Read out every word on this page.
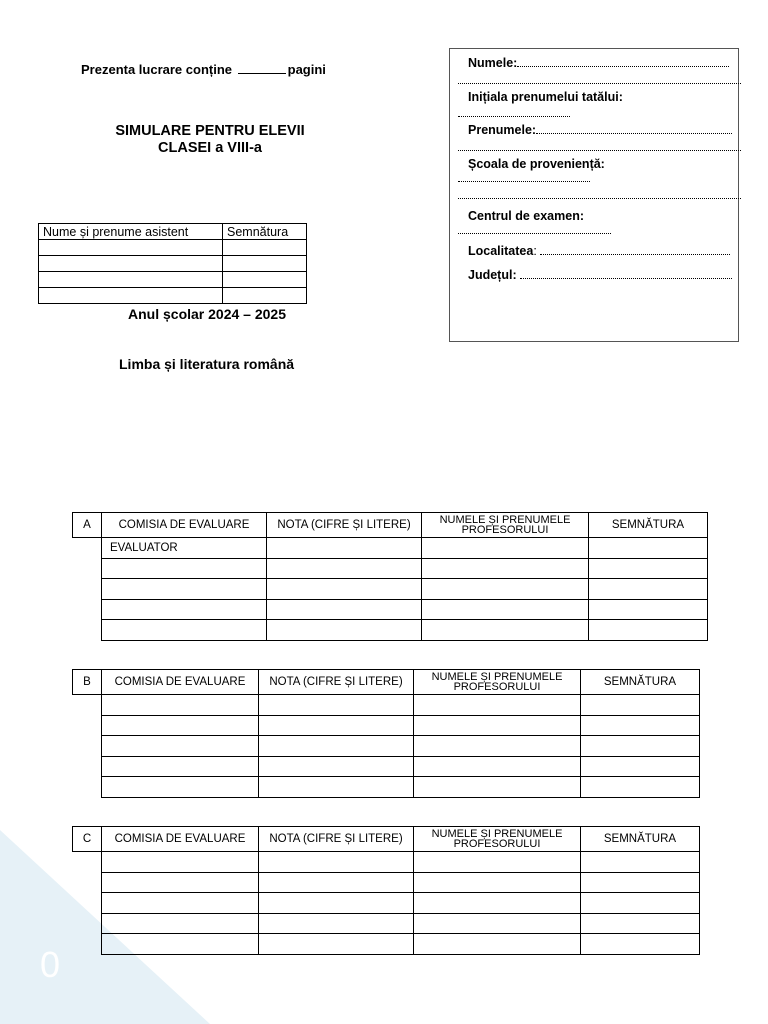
0
Prezenta lucrare conține	pagini
SIMULARE PENTRU ELEVII
CLASEI a VIII-a
Nume și prenume asistent	Semnătura

Anul școlar 2024 – 2025
Limba și literatura română
Numele:
Inițiala prenumelui tatălui:
Prenumele:
Școala de proveniență:
Centrul de examen:
Localitatea:
Județul:
A	COMISIA DE EVALUARE	NOTA (CIFRE ȘI LITERE)	NUMELE ȘI PRENUMELE PROFESORULUI	SEMNĂTURA
	EVALUATOR			

B	COMISIA DE EVALUARE	NOTA (CIFRE ȘI LITERE)	NUMELE ȘI PRENUMELE PROFESORULUI	SEMNĂTURA

C	COMISIA DE EVALUARE	NOTA (CIFRE ȘI LITERE)	NUMELE ȘI PRENUMELE PROFESORULUI	SEMNĂTURA
